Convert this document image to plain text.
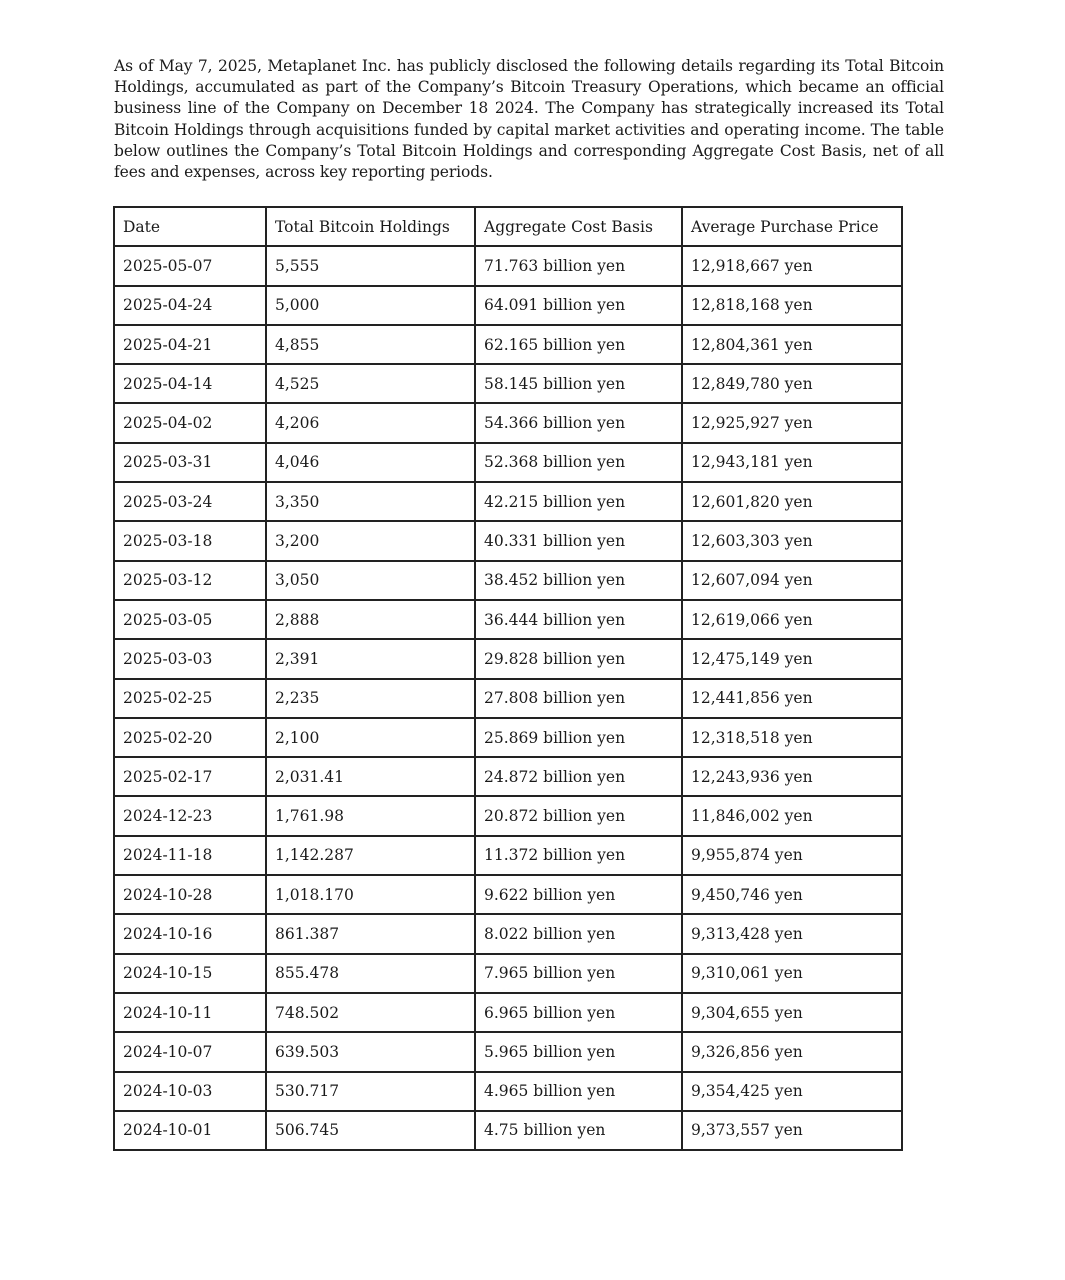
As of May 7, 2025, Metaplanet Inc. has publicly disclosed the following details regarding its Total Bitcoin Holdings, accumulated as part of the Company’s Bitcoin Treasury Operations, which became an official business line of the Company on December 18 2024. The Company has strategically increased its Total Bitcoin Holdings through acquisitions funded by capital market activities and operating income. The table below outlines the Company’s Total Bitcoin Holdings and corresponding Aggregate Cost Basis, net of all fees and expenses, across key reporting periods.

Date	Total Bitcoin Holdings	Aggregate Cost Basis	Average Purchase Price
2025-05-07	5,555	71.763 billion yen	12,918,667 yen
2025-04-24	5,000	64.091 billion yen	12,818,168 yen
2025-04-21	4,855	62.165 billion yen	12,804,361 yen
2025-04-14	4,525	58.145 billion yen	12,849,780 yen
2025-04-02	4,206	54.366 billion yen	12,925,927 yen
2025-03-31	4,046	52.368 billion yen	12,943,181 yen
2025-03-24	3,350	42.215 billion yen	12,601,820 yen
2025-03-18	3,200	40.331 billion yen	12,603,303 yen
2025-03-12	3,050	38.452 billion yen	12,607,094 yen
2025-03-05	2,888	36.444 billion yen	12,619,066 yen
2025-03-03	2,391	29.828 billion yen	12,475,149 yen
2025-02-25	2,235	27.808 billion yen	12,441,856 yen
2025-02-20	2,100	25.869 billion yen	12,318,518 yen
2025-02-17	2,031.41	24.872 billion yen	12,243,936 yen
2024-12-23	1,761.98	20.872 billion yen	11,846,002 yen
2024-11-18	1,142.287	11.372 billion yen	9,955,874 yen
2024-10-28	1,018.170	9.622 billion yen	9,450,746 yen
2024-10-16	861.387	8.022 billion yen	9,313,428 yen
2024-10-15	855.478	7.965 billion yen	9,310,061 yen
2024-10-11	748.502	6.965 billion yen	9,304,655 yen
2024-10-07	639.503	5.965 billion yen	9,326,856 yen
2024-10-03	530.717	4.965 billion yen	9,354,425 yen
2024-10-01	506.745	4.75 billion yen	9,373,557 yen
